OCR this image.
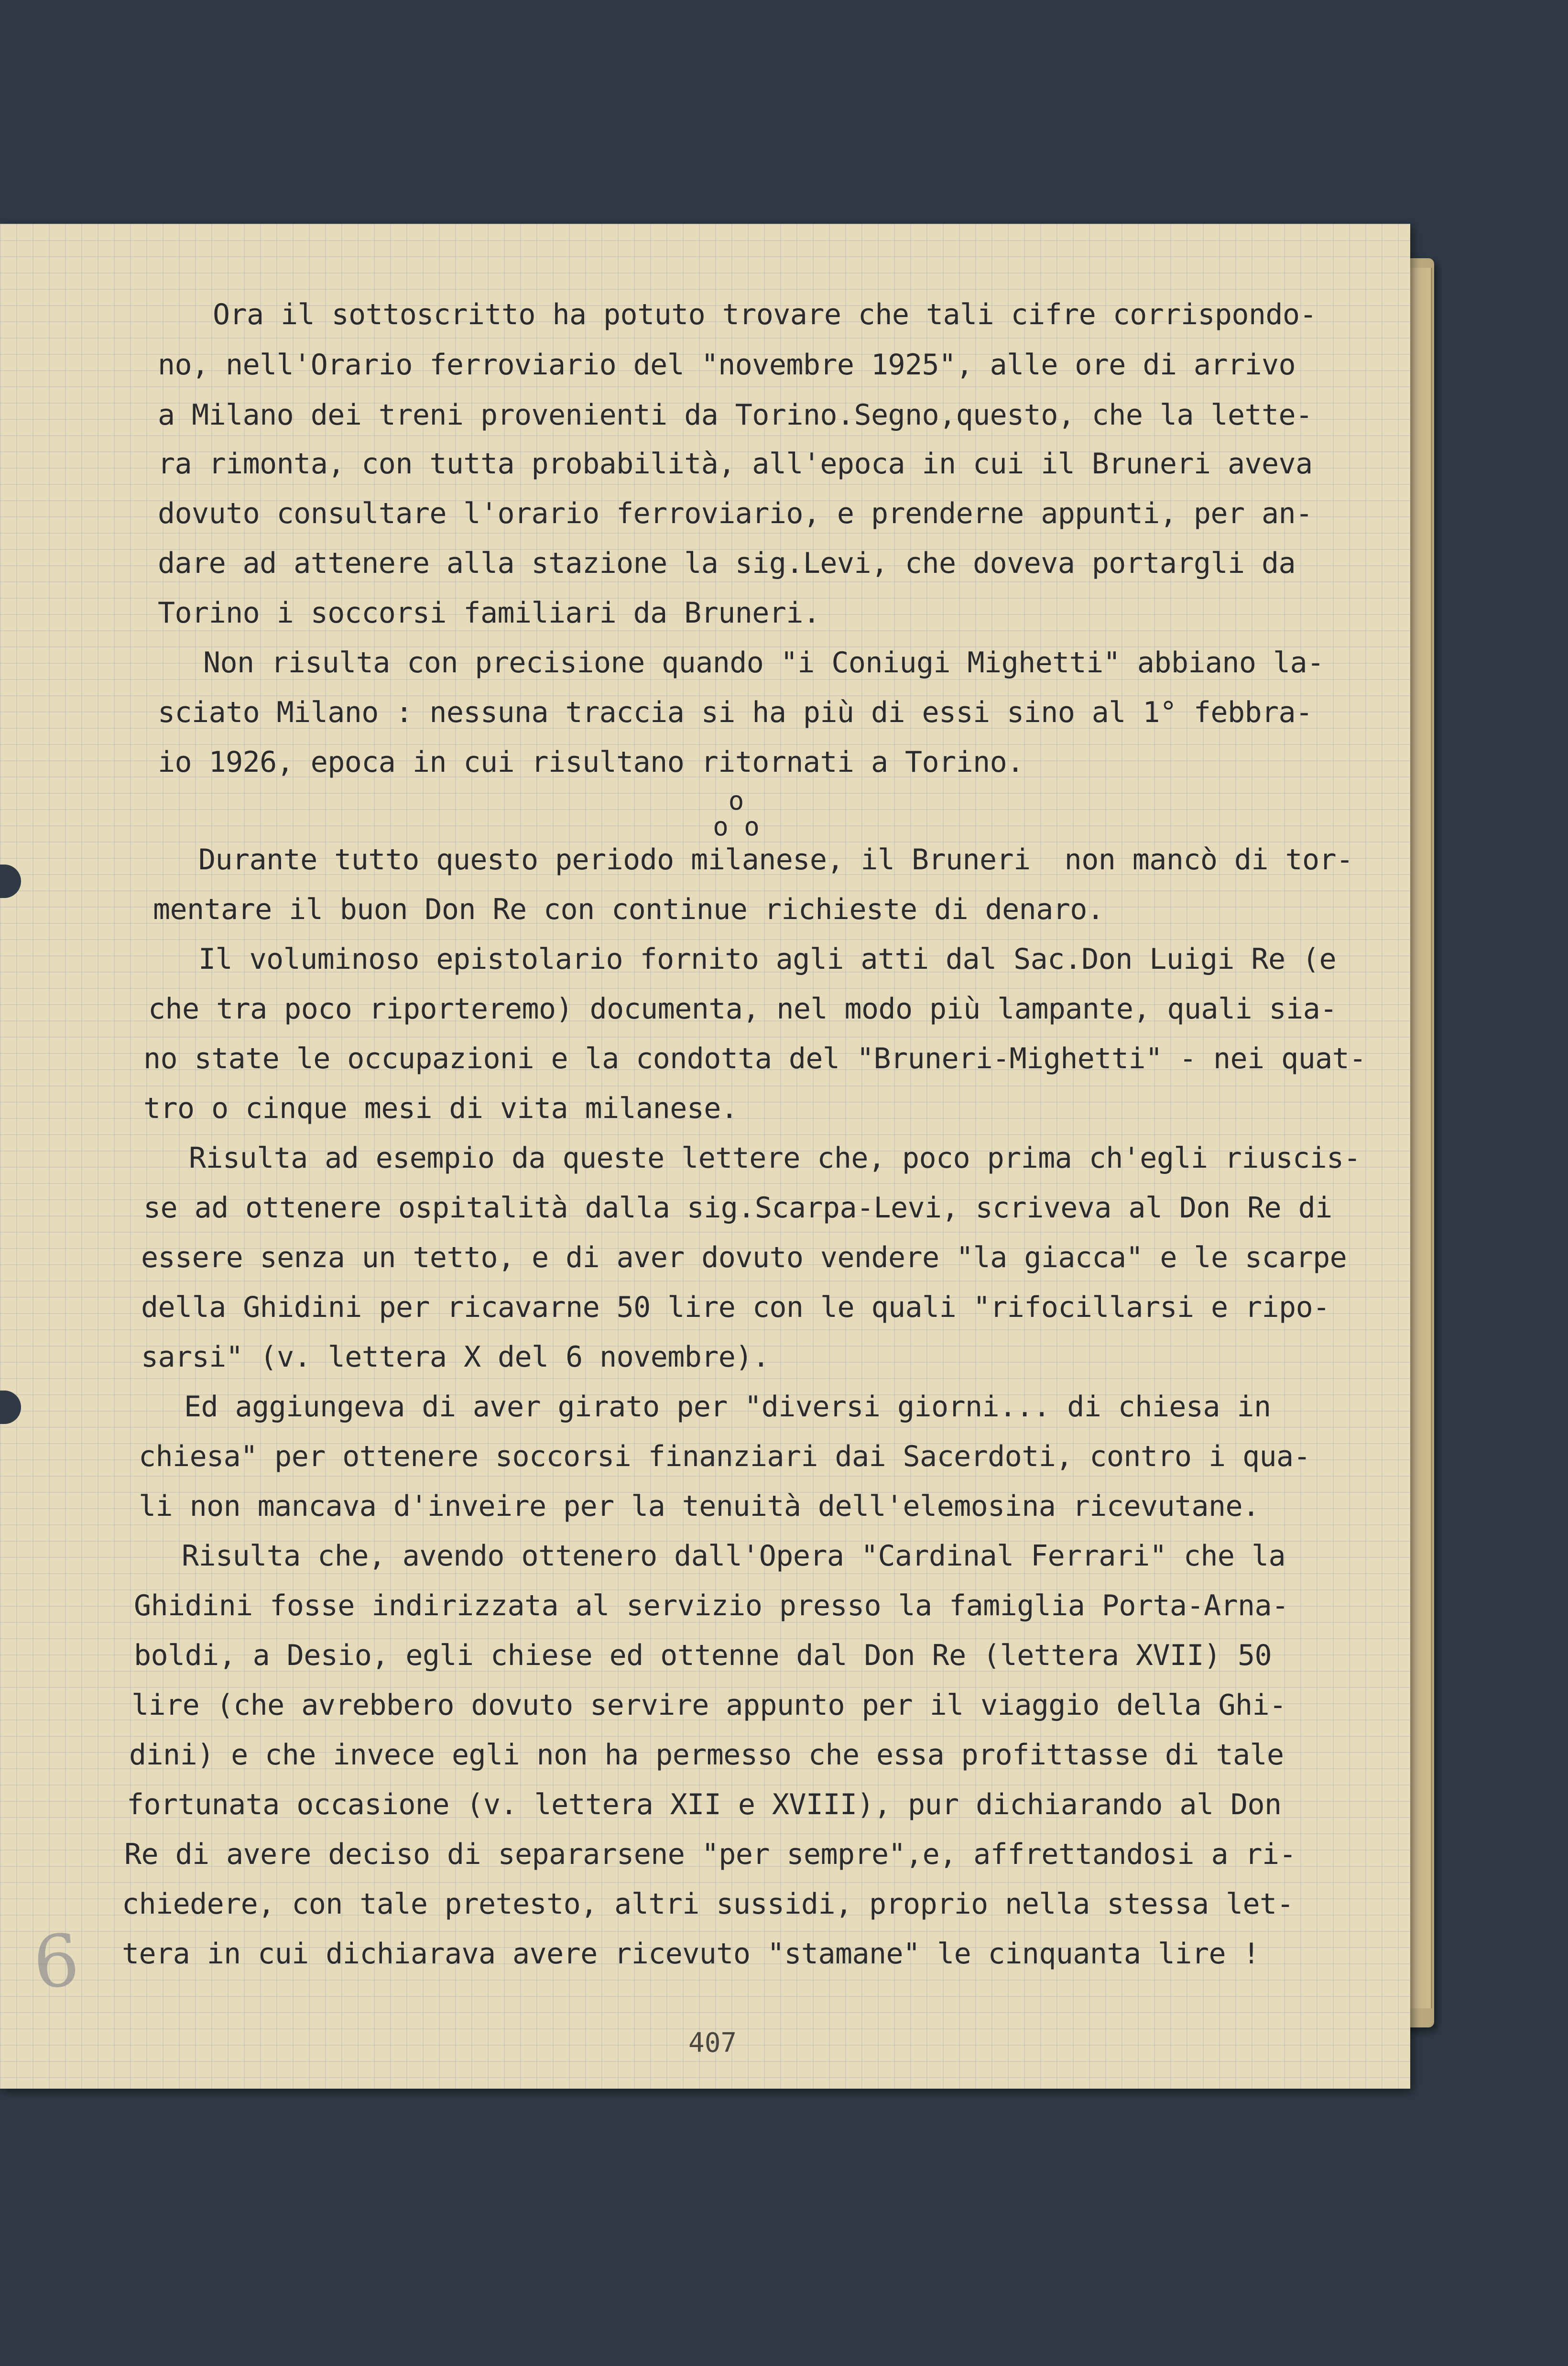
Ora il sottoscritto ha potuto trovare che tali cifre corrispondo-
no, nell'Orario ferroviario del "novembre 1925", alle ore di arrivo
a Milano dei treni provenienti da Torino.Segno,questo, che la lette-
ra rimonta, con tutta probabilità, all'epoca in cui il Bruneri aveva
dovuto consultare l'orario ferroviario, e prenderne appunti, per an-
dare ad attenere alla stazione la sig.Levi, che doveva portargli da
Torino i soccorsi familiari da Bruneri.
Non risulta con precisione quando "i Coniugi Mighetti" abbiano la-
sciato Milano : nessuna traccia si ha più di essi sino al 1° febbra-
io 1926, epoca in cui risultano ritornati a Torino.
o
o o
Durante tutto questo periodo milanese, il Bruneri  non mancò di tor-
mentare il buon Don Re con continue richieste di denaro.
Il voluminoso epistolario fornito agli atti dal Sac.Don Luigi Re (e
che tra poco riporteremo) documenta, nel modo più lampante, quali sia-
no state le occupazioni e la condotta del "Bruneri-Mighetti" - nei quat-
tro o cinque mesi di vita milanese.
Risulta ad esempio da queste lettere che, poco prima ch'egli riuscis-
se ad ottenere ospitalità dalla sig.Scarpa-Levi, scriveva al Don Re di
essere senza un tetto, e di aver dovuto vendere "la giacca" e le scarpe
della Ghidini per ricavarne 50 lire con le quali "rifocillarsi e ripo-
sarsi" (v. lettera X del 6 novembre).
Ed aggiungeva di aver girato per "diversi giorni... di chiesa in
chiesa" per ottenere soccorsi finanziari dai Sacerdoti, contro i qua-
li non mancava d'inveire per la tenuità dell'elemosina ricevutane.
Risulta che, avendo ottenero dall'Opera "Cardinal Ferrari" che la
Ghidini fosse indirizzata al servizio presso la famiglia Porta-Arna-
boldi, a Desio, egli chiese ed ottenne dal Don Re (lettera XVII) 50
lire (che avrebbero dovuto servire appunto per il viaggio della Ghi-
dini) e che invece egli non ha permesso che essa profittasse di tale
fortunata occasione (v. lettera XII e XVIII), pur dichiarando al Don
Re di avere deciso di separarsene "per sempre",e, affrettandosi a ri-
chiedere, con tale pretesto, altri sussidi, proprio nella stessa let-
tera in cui dichiarava avere ricevuto "stamane" le cinquanta lire !
6
407
